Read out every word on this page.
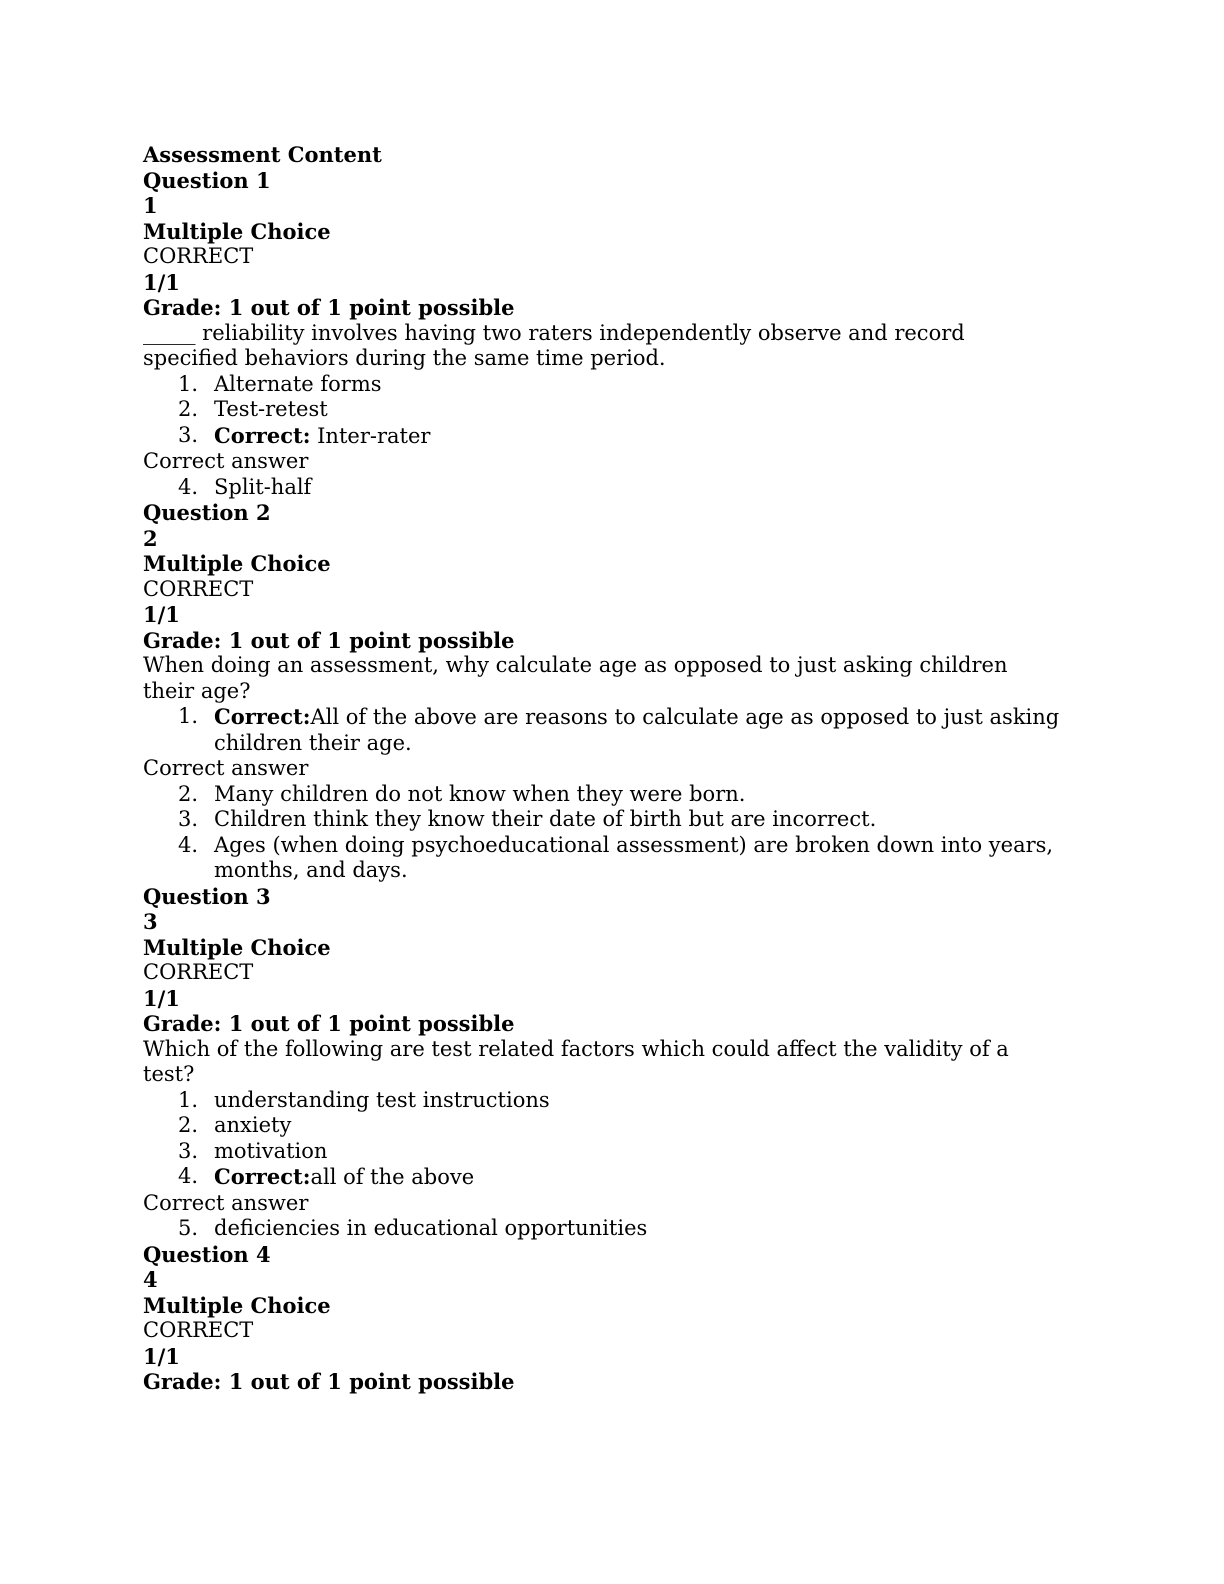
Assessment Content
Question 1
1
Multiple Choice
CORRECT
1/1
Grade: 1 out of 1 point possible
_____ reliability involves having two raters independently observe and record specified behaviors during the same time period.
1. Alternate forms
2. Test-retest
3. Correct: Inter-rater
Correct answer
4. Split-half
Question 2
2
Multiple Choice
CORRECT
1/1
Grade: 1 out of 1 point possible
When doing an assessment, why calculate age as opposed to just asking children their age?
1. Correct:All of the above are reasons to calculate age as opposed to just asking children their age.
Correct answer
2. Many children do not know when they were born.
3. Children think they know their date of birth but are incorrect.
4. Ages (when doing psychoeducational assessment) are broken down into years, months, and days.
Question 3
3
Multiple Choice
CORRECT
1/1
Grade: 1 out of 1 point possible
Which of the following are test related factors which could affect the validity of a test?
1. understanding test instructions
2. anxiety
3. motivation
4. Correct:all of the above
Correct answer
5. deficiencies in educational opportunities
Question 4
4
Multiple Choice
CORRECT
1/1
Grade: 1 out of 1 point possible
